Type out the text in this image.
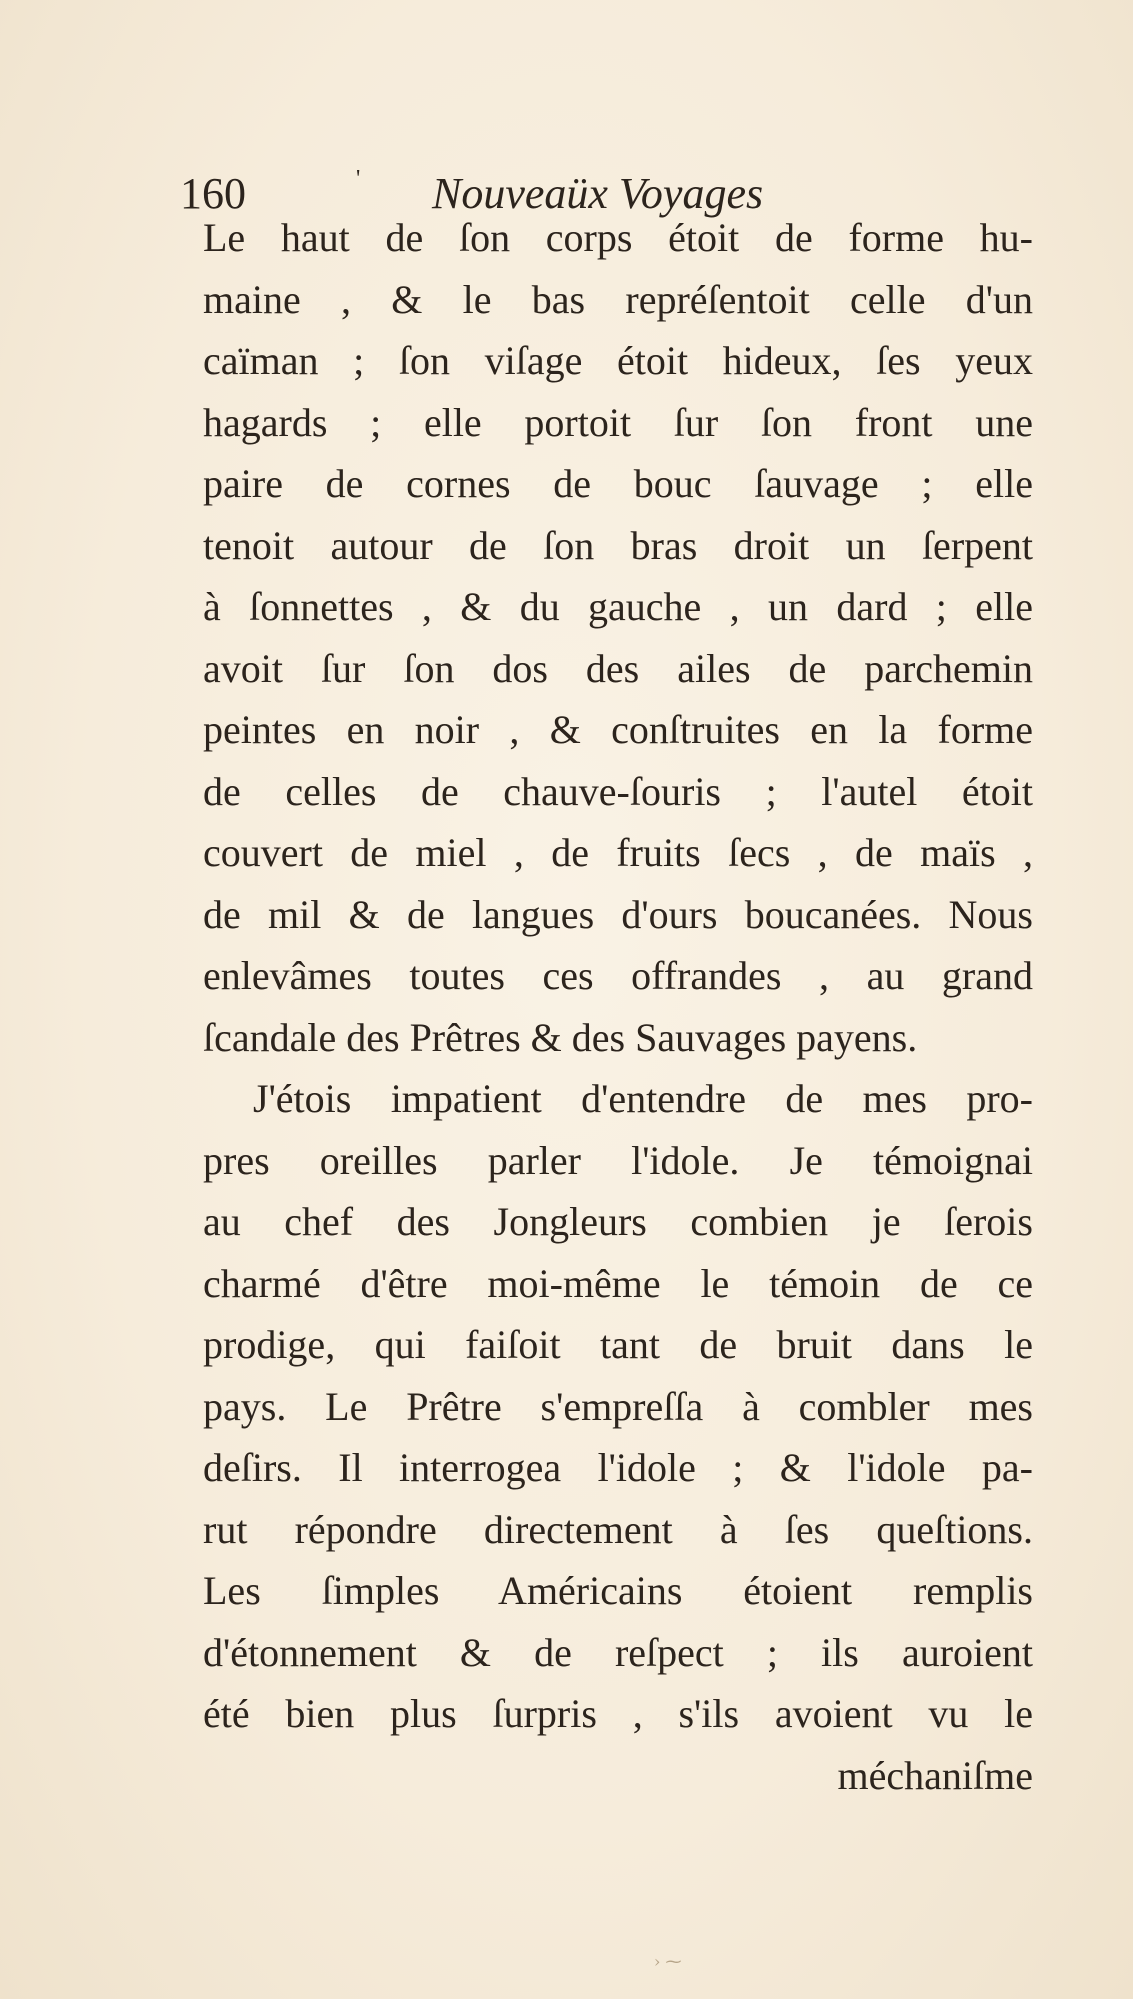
160	' Nouveaüx Voyages
Le haut de ſon corps étoit de forme hu-
maine , & le bas repréſentoit celle d'un
caïman ; ſon viſage étoit hideux, ſes yeux
hagards ; elle portoit ſur ſon front une
paire de cornes de bouc ſauvage ; elle
tenoit autour de ſon bras droit un ſerpent
à ſonnettes , & du gauche , un dard ; elle
avoit ſur ſon dos des ailes de parchemin
peintes en noir , & conſtruites en la forme
de celles de chauve-ſouris ; l'autel étoit
couvert de miel , de fruits ſecs , de maïs ,
de mil & de langues d'ours boucanées. Nous
enlevâmes toutes ces offrandes , au grand
ſcandale des Prêtres & des Sauvages payens.
J'étois impatient d'entendre de mes pro-
pres oreilles parler l'idole. Je témoignai
au chef des Jongleurs combien je ſerois
charmé d'être moi-même le témoin de ce
prodige, qui faiſoit tant de bruit dans le
pays. Le Prêtre s'empreſſa à combler mes
deſirs. Il interrogea l'idole ; & l'idole pa-
rut répondre directement à ſes queſtions.
Les ſimples Américains étoient remplis
d'étonnement & de reſpect ; ils auroient
été bien plus ſurpris , s'ils avoient vu le
méchaniſme
› ⁓
